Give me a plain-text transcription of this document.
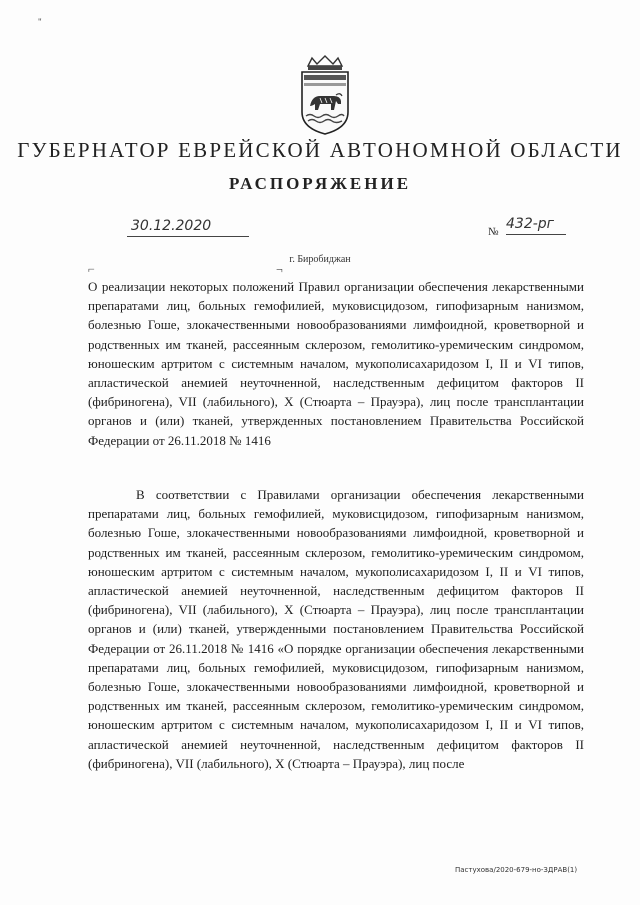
"
ГУБЕРНАТОР ЕВРЕЙСКОЙ АВТОНОМНОЙ ОБЛАСТИ
РАСПОРЯЖЕНИЕ
30.12.2020	№ 432-рг
г. Биробиджан
⌐	¬
О реализации некоторых положений Правил организации обеспечения лекарственными препаратами лиц, больных гемофилией, муковисцидозом, гипофизарным нанизмом, болезнью Гоше, злокачественными новообразованиями лимфоидной, кроветворной и родственных им тканей, рассеянным склерозом, гемолитико-уремическим синдромом, юношеским артритом с системным началом, мукополисахаридозом I, II и VI типов, апластической анемией неуточненной, наследственным дефицитом факторов II (фибриногена), VII (лабильного), X (Стюарта – Прауэра), лиц после трансплантации органов и (или) тканей, утвержденных постановлением Правительства Российской Федерации от 26.11.2018 № 1416
В соответствии с Правилами организации обеспечения лекарственными препаратами лиц, больных гемофилией, муковисцидозом, гипофизарным нанизмом, болезнью Гоше, злокачественными новообразованиями лимфоидной, кроветворной и родственных им тканей, рассеянным склерозом, гемолитико-уремическим синдромом, юношеским артритом с системным началом, мукополисахаридозом I, II и VI типов, апластической анемией неуточненной, наследственным дефицитом факторов II (фибриногена), VII (лабильного), X (Стюарта – Прауэра), лиц после трансплантации органов и (или) тканей, утвержденными постановлением Правительства Российской Федерации от 26.11.2018 № 1416 «О порядке организации обеспечения лекарственными препаратами лиц, больных гемофилией, муковисцидозом, гипофизарным нанизмом, болезнью Гоше, злокачественными новообразованиями лимфоидной, кроветворной и родственных им тканей, рассеянным склерозом, гемолитико-уремическим синдромом, юношеским артритом с системным началом, мукополисахаридозом I, II и VI типов, апластической анемией неуточненной, наследственным дефицитом факторов II (фибриногена), VII (лабильного), X (Стюарта – Прауэра), лиц после
Пастухова/2020-679-но-ЗДРАВ(1)
